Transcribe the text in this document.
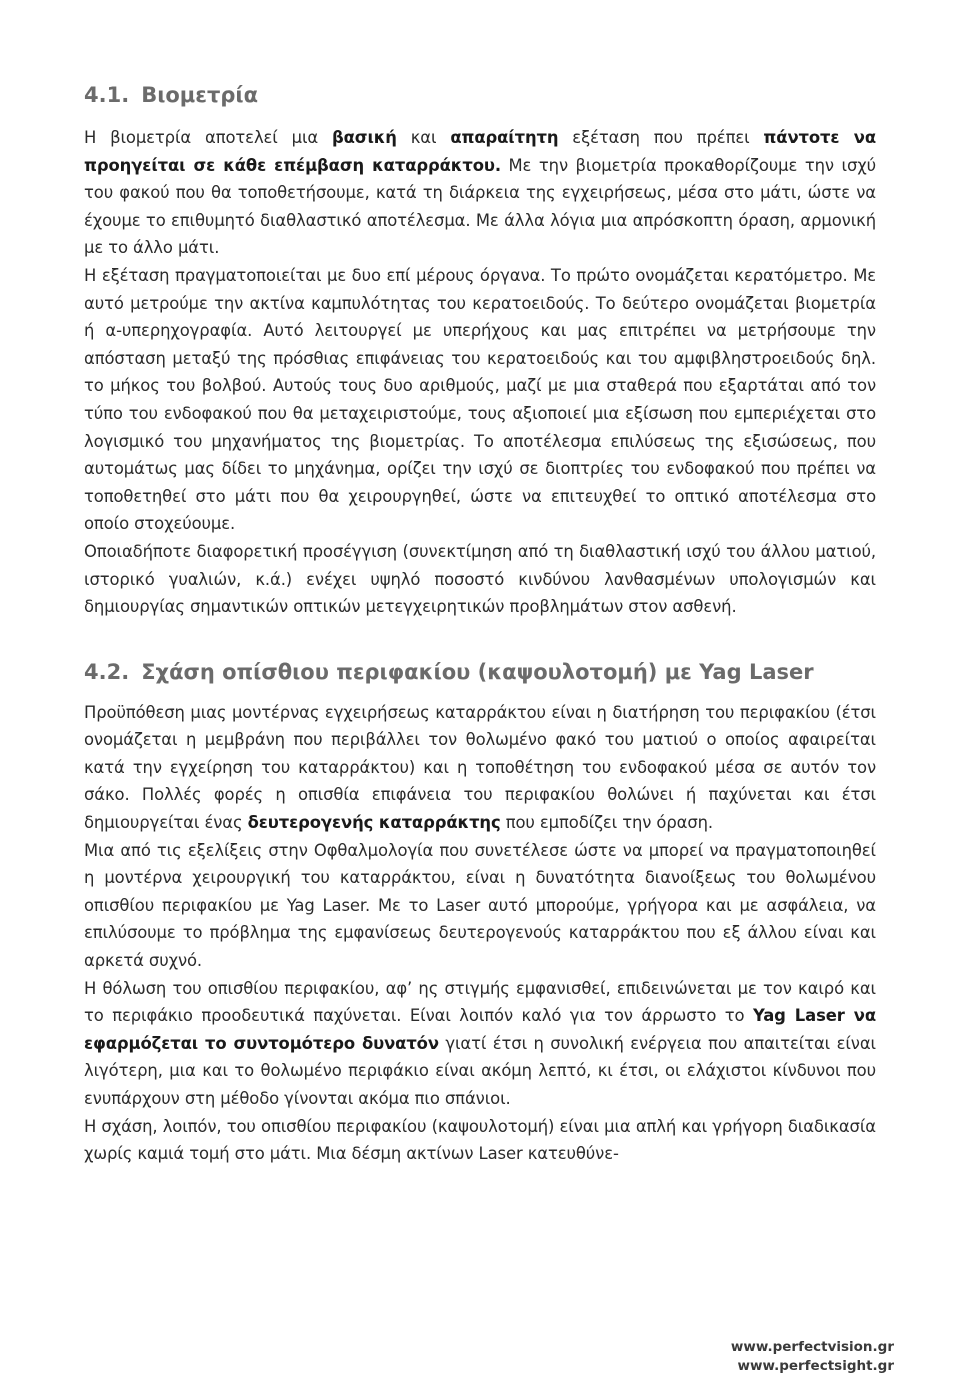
4.1. Βιομετρία

Η βιομετρία αποτελεί μια βασική και απαραίτητη εξέταση που πρέπει πάντοτε να προηγείται σε κάθε επέμβαση καταρράκτου. Με την βιομετρία προκαθορίζουμε την ισχύ του φακού που θα τοποθετήσουμε, κατά τη διάρκεια της εγχειρήσεως, μέσα στο μάτι, ώστε να έχουμε το επιθυμητό διαθλαστικό αποτέλεσμα. Με άλλα λόγια μια απρόσκοπτη όραση, αρμονική με το άλλο μάτι.

Η εξέταση πραγματοποιείται με δυο επί μέρους όργανα. Το πρώτο ονομάζεται κερατόμετρο. Με αυτό μετρούμε την ακτίνα καμπυλότητας του κερατοειδούς. Το δεύτερο ονομάζεται βιομετρία ή α-υπερηχογραφία. Αυτό λειτουργεί με υπερήχους και μας επιτρέπει να μετρήσουμε την απόσταση μεταξύ της πρόσθιας επιφάνειας του κερατοειδούς και του αμφιβληστροειδούς δηλ. το μήκος του βολβού. Αυτούς τους δυο αριθμούς, μαζί με μια σταθερά που εξαρτάται από τον τύπο του ενδοφακού που θα μεταχειριστούμε, τους αξιοποιεί μια εξίσωση που εμπεριέχεται στο λογισμικό του μηχανήματος της βιομετρίας. Το αποτέλεσμα επιλύσεως της εξισώσεως, που αυτομάτως μας δίδει το μηχάνημα, ορίζει την ισχύ σε διοπτρίες του ενδοφακού που πρέπει να τοποθετηθεί στο μάτι που θα χειρουργηθεί, ώστε να επιτευχθεί το οπτικό αποτέλεσμα στο οποίο στοχεύουμε.

Οποιαδήποτε διαφορετική προσέγγιση (συνεκτίμηση από τη διαθλαστική ισχύ του άλλου ματιού, ιστορικό γυαλιών, κ.ά.) ενέχει υψηλό ποσοστό κινδύνου λανθασμένων υπολογισμών και δημιουργίας σημαντικών οπτικών μετεγχειρητικών προβλημάτων στον ασθενή.

4.2. Σχάση οπίσθιου περιφακίου (καψουλοτομή) με Yag Laser

Προϋπόθεση μιας μοντέρνας εγχειρήσεως καταρράκτου είναι η διατήρηση του περιφακίου (έτσι ονομάζεται η μεμβράνη που περιβάλλει τον θολωμένο φακό του ματιού ο οποίος αφαιρείται κατά την εγχείρηση του καταρράκτου) και η τοποθέτηση του ενδοφακού μέσα σε αυτόν τον σάκο. Πολλές φορές η οπισθία επιφάνεια του περιφακίου θολώνει ή παχύνεται και έτσι δημιουργείται ένας δευτερογενής καταρράκτης που εμποδίζει την όραση.

Μια από τις εξελίξεις στην Οφθαλμολογία που συνετέλεσε ώστε να μπορεί να πραγματοποιηθεί η μοντέρνα χειρουργική του καταρράκτου, είναι η δυνατότητα διανοίξεως του θολωμένου οπισθίου περιφακίου με Yag Laser. Με το Laser αυτό μπορούμε, γρήγορα και με ασφάλεια, να επιλύσουμε το πρόβλημα της εμφανίσεως δευτερογενούς καταρράκτου που εξ άλλου είναι και αρκετά συχνό.

Η θόλωση του οπισθίου περιφακίου, αφ’ ης στιγμής εμφανισθεί, επιδεινώνεται με τον καιρό και το περιφάκιο προοδευτικά παχύνεται. Είναι λοιπόν καλό για τον άρρωστο το Yag Laser να εφαρμόζεται το συντομότερο δυνατόν γιατί έτσι η συνολική ενέργεια που απαιτείται είναι λιγότερη, μια και το θολωμένο περιφάκιο είναι ακόμη λεπτό, κι έτσι, οι ελάχιστοι κίνδυνοι που ενυπάρχουν στη μέθοδο γίνονται ακόμα πιο σπάνιοι.

Η σχάση, λοιπόν, του οπισθίου περιφακίου (καψουλοτομή) είναι μια απλή και γρήγορη διαδικασία χωρίς καμιά τομή στο μάτι. Μια δέσμη ακτίνων Laser κατευθύνε-

www.perfectvision.gr
www.perfectsight.gr
